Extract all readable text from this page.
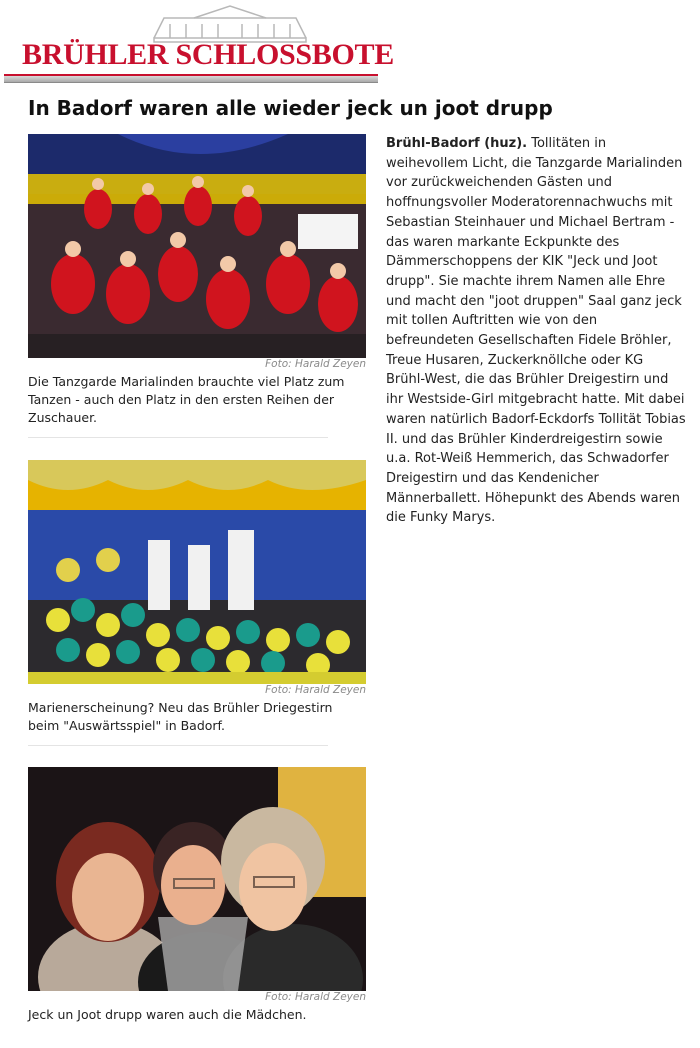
BRÜHLER SCHLOSSBOTE
In Badorf waren alle wieder jeck un joot drupp
Foto: Harald Zeyen

Die Tanzgarde Marialinden brauchte viel Platz zum Tanzen - auch den Platz in den ersten Reihen der Zuschauer.

Foto: Harald Zeyen

Marienerscheinung? Neu das Brühler Driegestirn beim "Auswärtsspiel" in Badorf.

Foto: Harald Zeyen

Jeck un Joot drupp waren auch die Mädchen.

Brühl-Badorf (huz). Tollitäten in weihevollem Licht, die Tanzgarde Marialinden vor zurückweichenden Gästen und hoffnungsvoller Moderatorennachwuchs mit Sebastian Steinhauer und Michael Bertram - das waren markante Eckpunkte des Dämmerschoppens der KIK "Jeck und Joot drupp". Sie machte ihrem Namen alle Ehre und macht den "joot druppen" Saal ganz jeck mit tollen Auftritten wie von den befreundeten Gesellschaften Fidele Bröhler, Treue Husaren, Zuckerknöllche oder KG Brühl-West, die das Brühler Dreigestirn und ihr Westside-Girl mitgebracht hatte. Mit dabei waren natürlich Badorf-Eckdorfs Tollität Tobias II. und das Brühler Kinderdreigestirn sowie u.a. Rot-Weiß Hemmerich, das Schwadorfer Dreigestirn und das Kendenicher Männerballett. Höhepunkt des Abends waren die Funky Marys.
